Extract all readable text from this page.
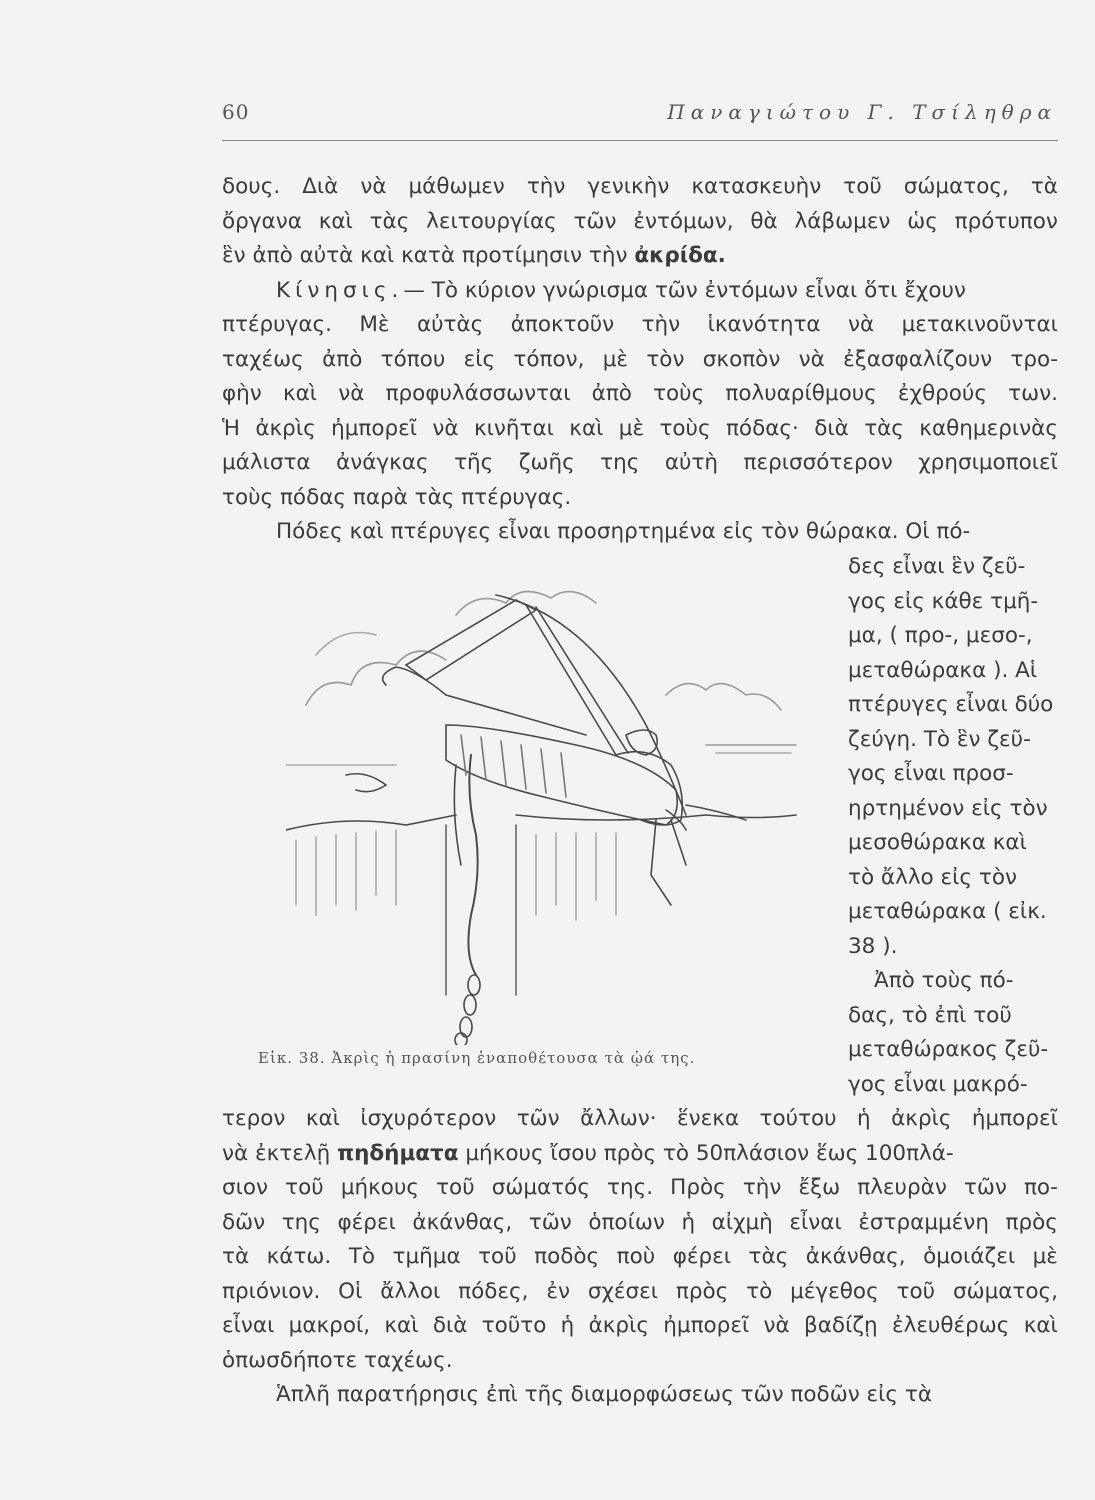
60	Παναγιώτου Γ. Τσίληθρα
δους. Διὰ νὰ μάθωμεν τὴν γενικὴν κατασκευὴν τοῦ σώματος, τὰ
ὄργανα καὶ τὰς λειτουργίας τῶν ἐντόμων, θὰ λάβωμεν ὡς πρότυπον
ἓν ἀπὸ αὐτὰ καὶ κατὰ προτίμησιν τὴν ἀκρίδα.
Κίνησις. — Τὸ κύριον γνώρισμα τῶν ἐντόμων εἶναι ὅτι ἔχουν
πτέρυγας. Μὲ αὐτὰς ἀποκτοῦν τὴν ἱκανότητα νὰ μετακινοῦνται
ταχέως ἀπὸ τόπου εἰς τόπον, μὲ τὸν σκοπὸν νὰ ἐξασφαλίζουν τρο-
φὴν καὶ νὰ προφυλάσσωνται ἀπὸ τοὺς πολυαρίθμους ἐχθρούς των.
Ἡ ἀκρὶς ἠμπορεῖ νὰ κινῆται καὶ μὲ τοὺς πόδας· διὰ τὰς καθημερινὰς
μάλιστα ἀνάγκας τῆς ζωῆς της αὐτὴ περισσότερον χρησιμοποιεῖ
τοὺς πόδας παρὰ τὰς πτέρυγας.
Πόδες καὶ πτέρυγες εἶναι προσηρτημένα εἰς τὸν θώρακα. Οἱ πό-
δες εἶναι ἓν ζεῦ-
γος εἰς κάθε τμῆ-
μα, ( προ-, μεσο-,
μεταθώρακα ). Αἱ
πτέρυγες εἶναι δύο
ζεύγη. Τὸ ἓν ζεῦ-
γος εἶναι προσ-
ηρτημένον εἰς τὸν
μεσοθώρακα καὶ
τὸ ἄλλο εἰς τὸν
μεταθώρακα ( εἰκ.
38 ).
Ἀπὸ τοὺς πό-
δας, τὸ ἐπὶ τοῦ
μεταθώρακος ζεῦ-
γος εἶναι μακρό-
Εἰκ. 38. Ἀκρὶς ἡ πρασίνη ἐναποθέτουσα τὰ ᾠά της.
τερον καὶ ἰσχυρότερον τῶν ἄλλων· ἕνεκα τούτου ἡ ἀκρὶς ἠμπορεῖ
νὰ ἐκτελῇ πηδήματα μήκους ἴσου πρὸς τὸ 50πλάσιον ἕως 100πλά-
σιον τοῦ μήκους τοῦ σώματός της. Πρὸς τὴν ἔξω πλευρὰν τῶν πο-
δῶν της φέρει ἀκάνθας, τῶν ὁποίων ἡ αἰχμὴ εἶναι ἐστραμμένη πρὸς
τὰ κάτω. Τὸ τμῆμα τοῦ ποδὸς ποὺ φέρει τὰς ἀκάνθας, ὁμοιάζει μὲ
πριόνιον. Οἱ ἄλλοι πόδες, ἐν σχέσει πρὸς τὸ μέγεθος τοῦ σώματος,
εἶναι μακροί, καὶ διὰ τοῦτο ἡ ἀκρὶς ἠμπορεῖ νὰ βαδίζῃ ἐλευθέρως καὶ
ὁπωσδήποτε ταχέως.
Ἁπλῆ παρατήρησις ἐπὶ τῆς διαμορφώσεως τῶν ποδῶν εἰς τὰ
